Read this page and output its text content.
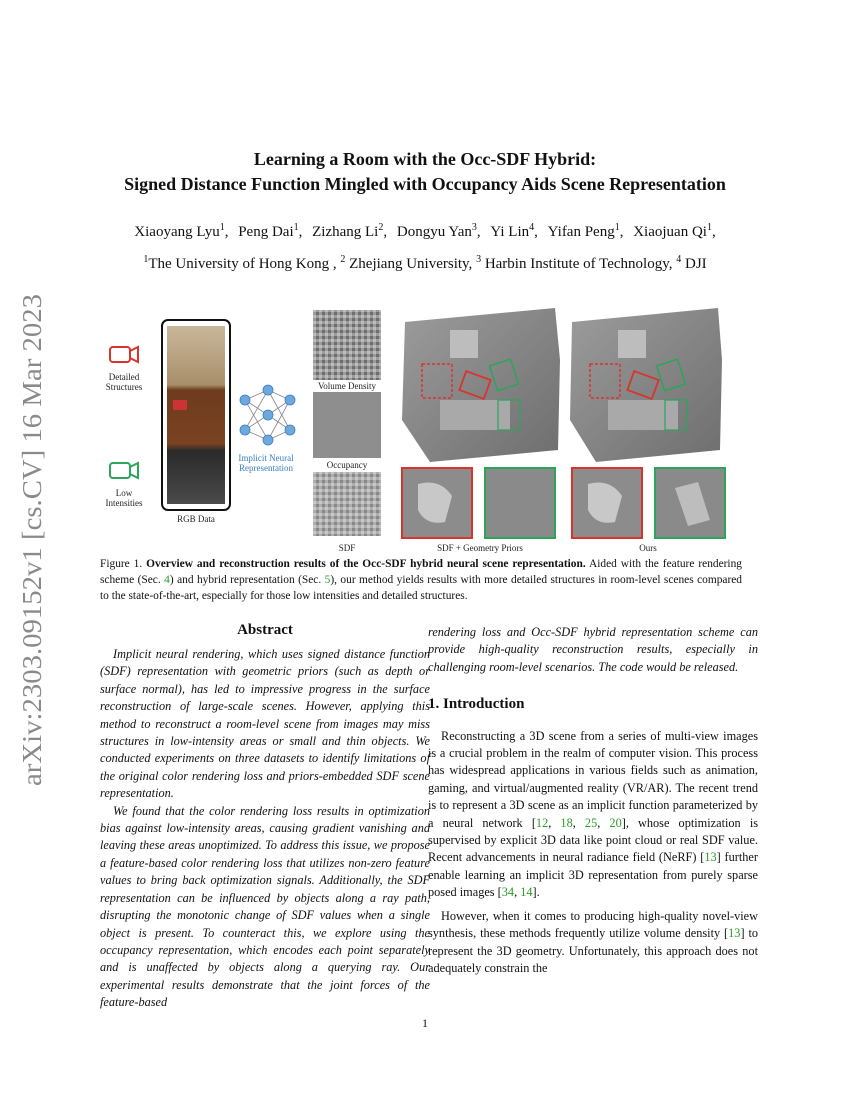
arXiv:2303.09152v1 [cs.CV] 16 Mar 2023
Learning a Room with the Occ-SDF Hybrid:
Signed Distance Function Mingled with Occupancy Aids Scene Representation
Xiaoyang Lyu$^1$, Peng Dai$^1$, Zizhang Li$^2$, Dongyu Yan$^3$, Yi Lin$^4$, Yifan Peng$^1$, Xiaojuan Qi$^1$,
$^1$The University of Hong Kong , $^2$ Zhejiang University, $^3$ Harbin Institute of Technology, $^4$ DJI
Detailed
Structures
Low
Intensities
RGB Data
Implicit Neural
Representation
Volume Density
Occupancy
SDF	SDF + Geometry Priors	Ours
Figure 1. Overview and reconstruction results of the Occ-SDF hybrid neural scene representation. Aided with the feature rendering scheme (Sec. 4) and hybrid representation (Sec. 5), our method yields results with more detailed structures in room-level scenes compared to the state-of-the-art, especially for those low intensities and detailed structures.
Abstract

Implicit neural rendering, which uses signed distance function (SDF) representation with geometric priors (such as depth or surface normal), has led to impressive progress in the surface reconstruction of large-scale scenes. However, applying this method to reconstruct a room-level scene from images may miss structures in low-intensity areas or small and thin objects. We conducted experiments on three datasets to identify limitations of the original color rendering loss and priors-embedded SDF scene representation.

We found that the color rendering loss results in optimization bias against low-intensity areas, causing gradient vanishing and leaving these areas unoptimized. To address this issue, we propose a feature-based color rendering loss that utilizes non-zero feature values to bring back optimization signals. Additionally, the SDF representation can be influenced by objects along a ray path, disrupting the monotonic change of SDF values when a single object is present. To counteract this, we explore using the occupancy representation, which encodes each point separately and is unaffected by objects along a querying ray. Our experimental results demonstrate that the joint forces of the feature-based

rendering loss and Occ-SDF hybrid representation scheme can provide high-quality reconstruction results, especially in challenging room-level scenarios. The code would be released.

1. Introduction

Reconstructing a 3D scene from a series of multi-view images is a crucial problem in the realm of computer vision. This process has widespread applications in various fields such as animation, gaming, and virtual/augmented reality (VR/AR). The recent trend is to represent a 3D scene as an implicit function parameterized by a neural network [12, 18, 25, 20], whose optimization is supervised by explicit 3D data like point cloud or real SDF value. Recent advancements in neural radiance field (NeRF) [13] further enable learning an implicit 3D representation from purely sparse posed images [34, 14].

However, when it comes to producing high-quality novel-view synthesis, these methods frequently utilize volume density [13] to represent the 3D geometry. Unfortunately, this approach does not adequately constrain the

1
